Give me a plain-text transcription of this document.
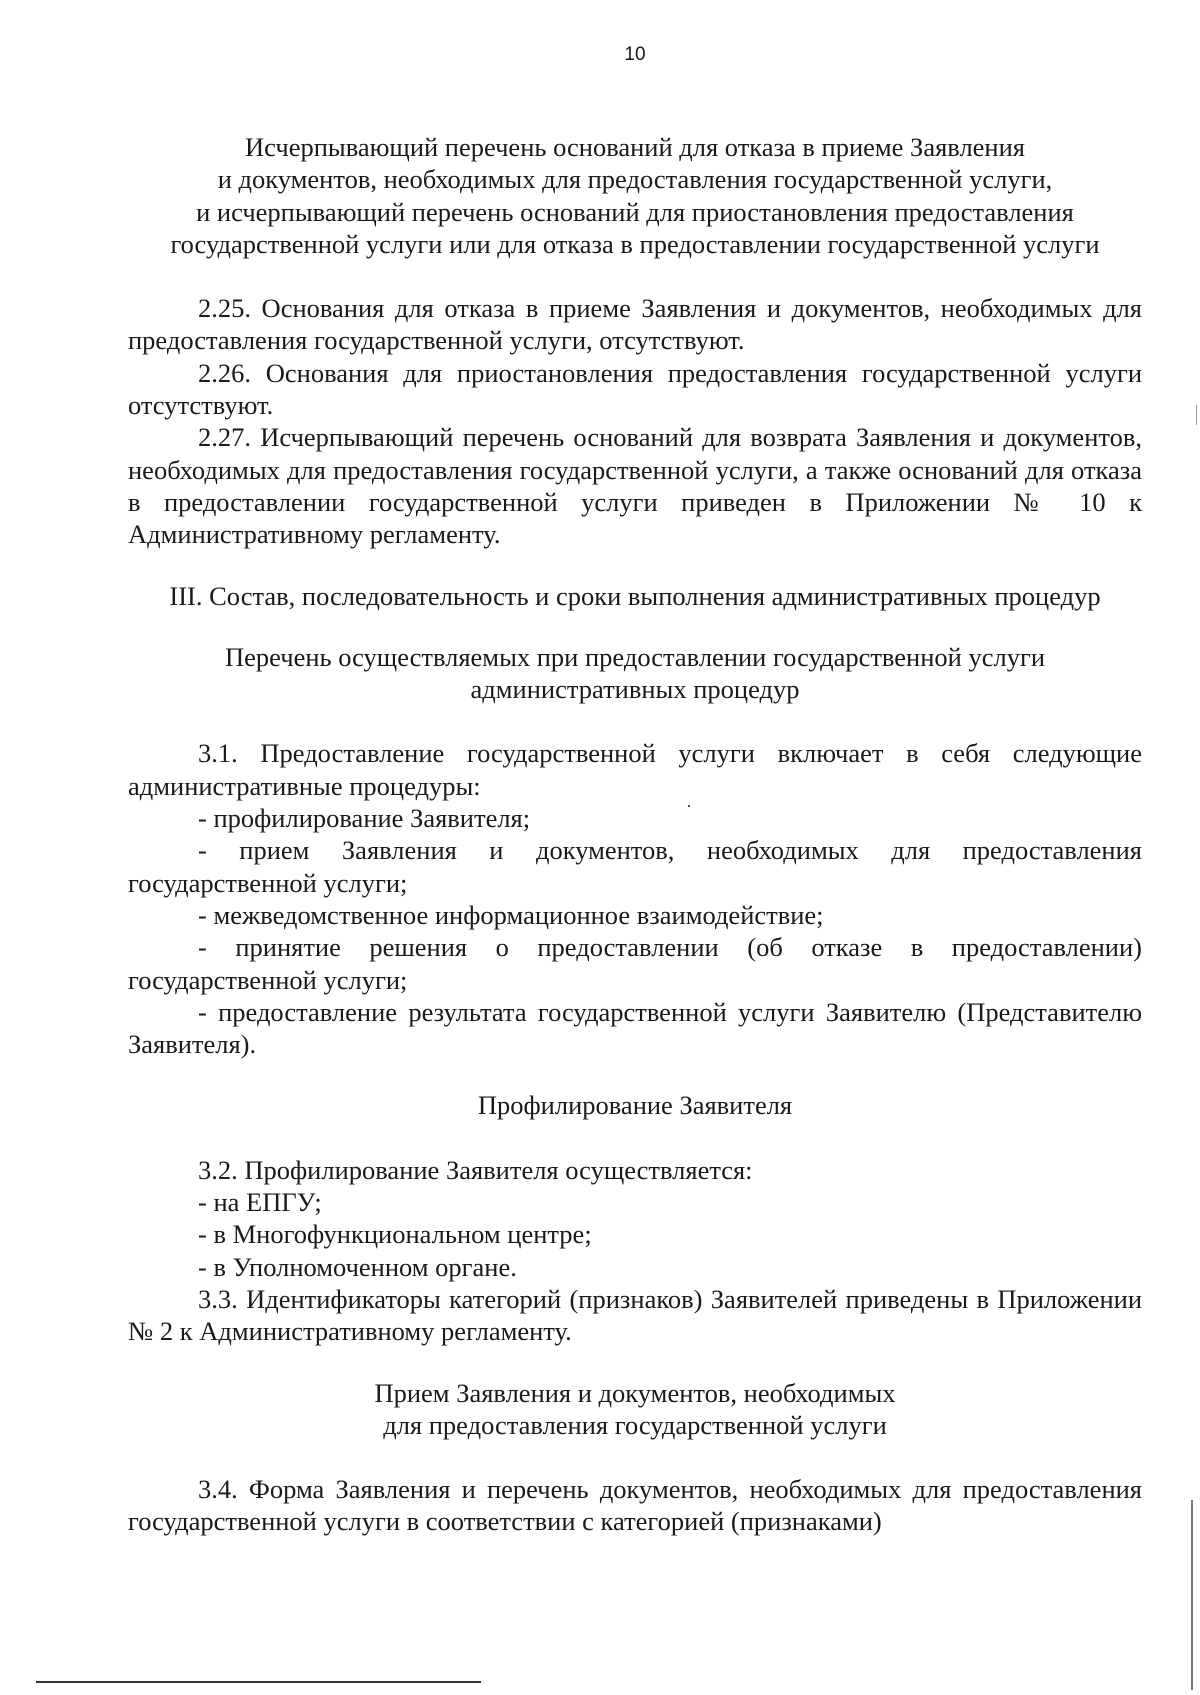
10
Исчерпывающий перечень оснований для отказа в приеме Заявления
и документов, необходимых для предоставления государственной услуги,
и исчерпывающий перечень оснований для приостановления предоставления
государственной услуги или для отказа в предоставлении государственной услуги

2.25. Основания для отказа в приеме Заявления и документов, необходимых для предоставления государственной услуги, отсутствуют.

2.26. Основания для приостановления предоставления государственной услуги отсутствуют.

2.27. Исчерпывающий перечень оснований для возврата Заявления и документов, необходимых для предоставления государственной услуги, а также оснований для отказа в предоставлении государственной услуги приведен в Приложении № 10 к Административному регламенту.

III. Состав, последовательность и сроки выполнения административных процедур
Перечень осуществляемых при предоставлении государственной услуги
административных процедур

3.1. Предоставление государственной услуги включает в себя следующие административные процедуры:

- профилирование Заявителя;
- прием Заявления и документов, необходимых для предоставления государственной услуги;
- межведомственное информационное взаимодействие;
- принятие решения о предоставлении (об отказе в предоставлении) государственной услуги;
- предоставление результата государственной услуги Заявителю (Представителю Заявителя).
Профилирование Заявителя

3.2. Профилирование Заявителя осуществляется:

- на ЕПГУ;
- в Многофункциональном центре;
- в Уполномоченном органе.

3.3. Идентификаторы категорий (признаков) Заявителей приведены в Приложении № 2 к Административному регламенту.

Прием Заявления и документов, необходимых
для предоставления государственной услуги

3.4. Форма Заявления и перечень документов, необходимых для предоставления государственной услуги в соответствии с категорией (признаками)
